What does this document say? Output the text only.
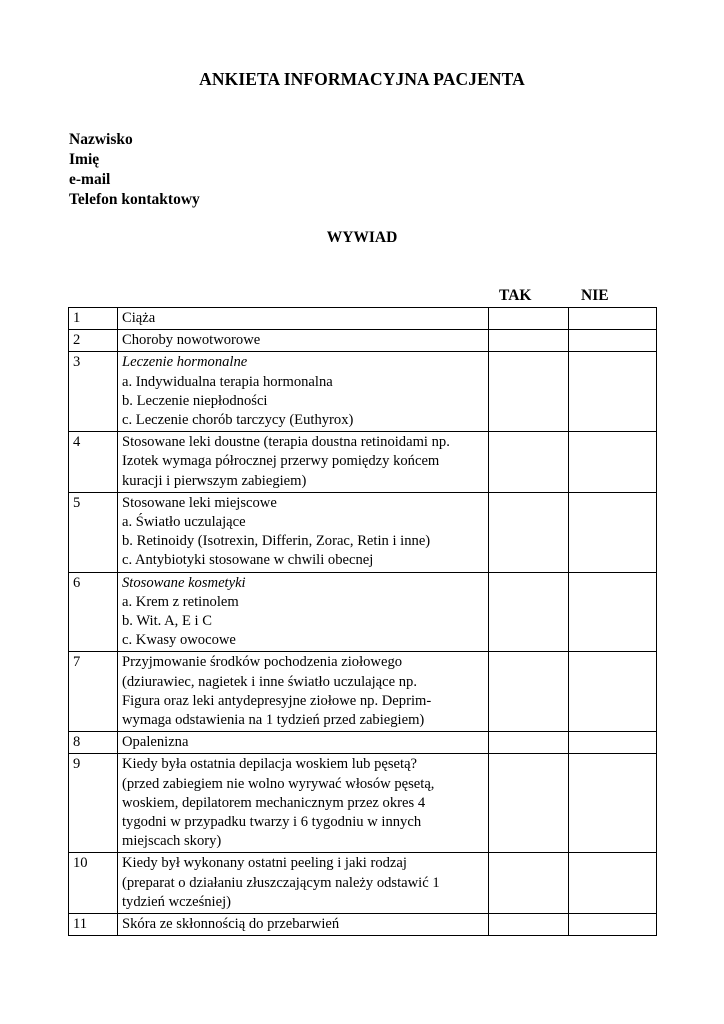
ANKIETA INFORMACYJNA PACJENTA
Nazwisko
Imię
e-mail
Telefon kontaktowy
WYWIAD
TAK	NIE
1	Ciąża		

2	Choroby nowotworowe		

3	Leczenie hormonalne
a. Indywidualna terapia hormonalna
b. Leczenie niepłodności
c. Leczenie chorób tarczycy (Euthyrox)		

4	Stosowane leki doustne (terapia doustna retinoidami np.
Izotek wymaga półrocznej przerwy pomiędzy końcem
kuracji i pierwszym zabiegiem)		

5	Stosowane leki miejscowe
a. Światło uczulające
b. Retinoidy (Isotrexin, Differin, Zorac, Retin i inne)
c. Antybiotyki stosowane w chwili obecnej		

6	Stosowane kosmetyki
a. Krem z retinolem
b. Wit. A, E i C
c. Kwasy owocowe		

7	Przyjmowanie środków pochodzenia ziołowego
(dziurawiec, nagietek i inne światło uczulające np.
Figura oraz leki antydepresyjne ziołowe np. Deprim-
wymaga odstawienia na 1 tydzień przed zabiegiem)		

8	Opalenizna		

9	Kiedy była ostatnia depilacja woskiem lub pęsetą?
(przed zabiegiem nie wolno wyrywać włosów pęsetą,
woskiem, depilatorem mechanicznym przez okres 4
tygodni w przypadku twarzy i 6 tygodniu w innych
miejscach skory)		

10	Kiedy był wykonany ostatni peeling i jaki rodzaj
(preparat o działaniu złuszczającym należy odstawić 1
tydzień wcześniej)		

11	Skóra ze skłonnością do przebarwień		
